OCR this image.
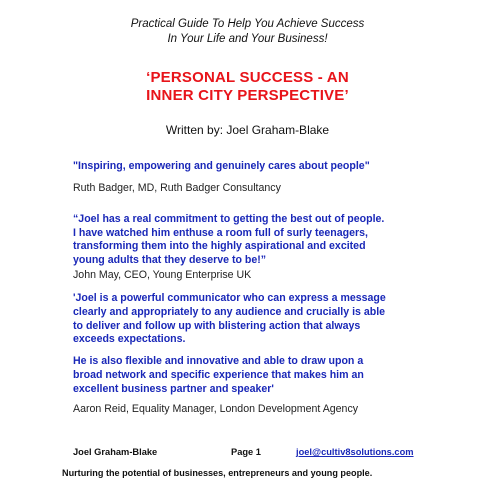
Practical Guide To Help You Achieve Success
In Your Life and Your Business!
‘PERSONAL SUCCESS - AN
INNER CITY PERSPECTIVE’
Written by: Joel Graham-Blake
"Inspiring, empowering and genuinely cares about people"
Ruth Badger, MD, Ruth Badger Consultancy
“Joel has a real commitment to getting the best out of people.
I have watched him enthuse a room full of surly teenagers,
transforming them into the highly aspirational and excited
young adults that they deserve to be!”
John May, CEO, Young Enterprise UK
'Joel is a powerful communicator who can express a message
clearly and appropriately to any audience and crucially is able
to deliver and follow up with blistering action that always
exceeds expectations.
He is also flexible and innovative and able to draw upon a
broad network and specific experience that makes him an
excellent business partner and speaker'
Aaron Reid, Equality Manager, London Development Agency
Joel Graham-Blake	Page 1	joel@cultiv8solutions.com
Nurturing the potential of businesses, entrepreneurs and young people.
